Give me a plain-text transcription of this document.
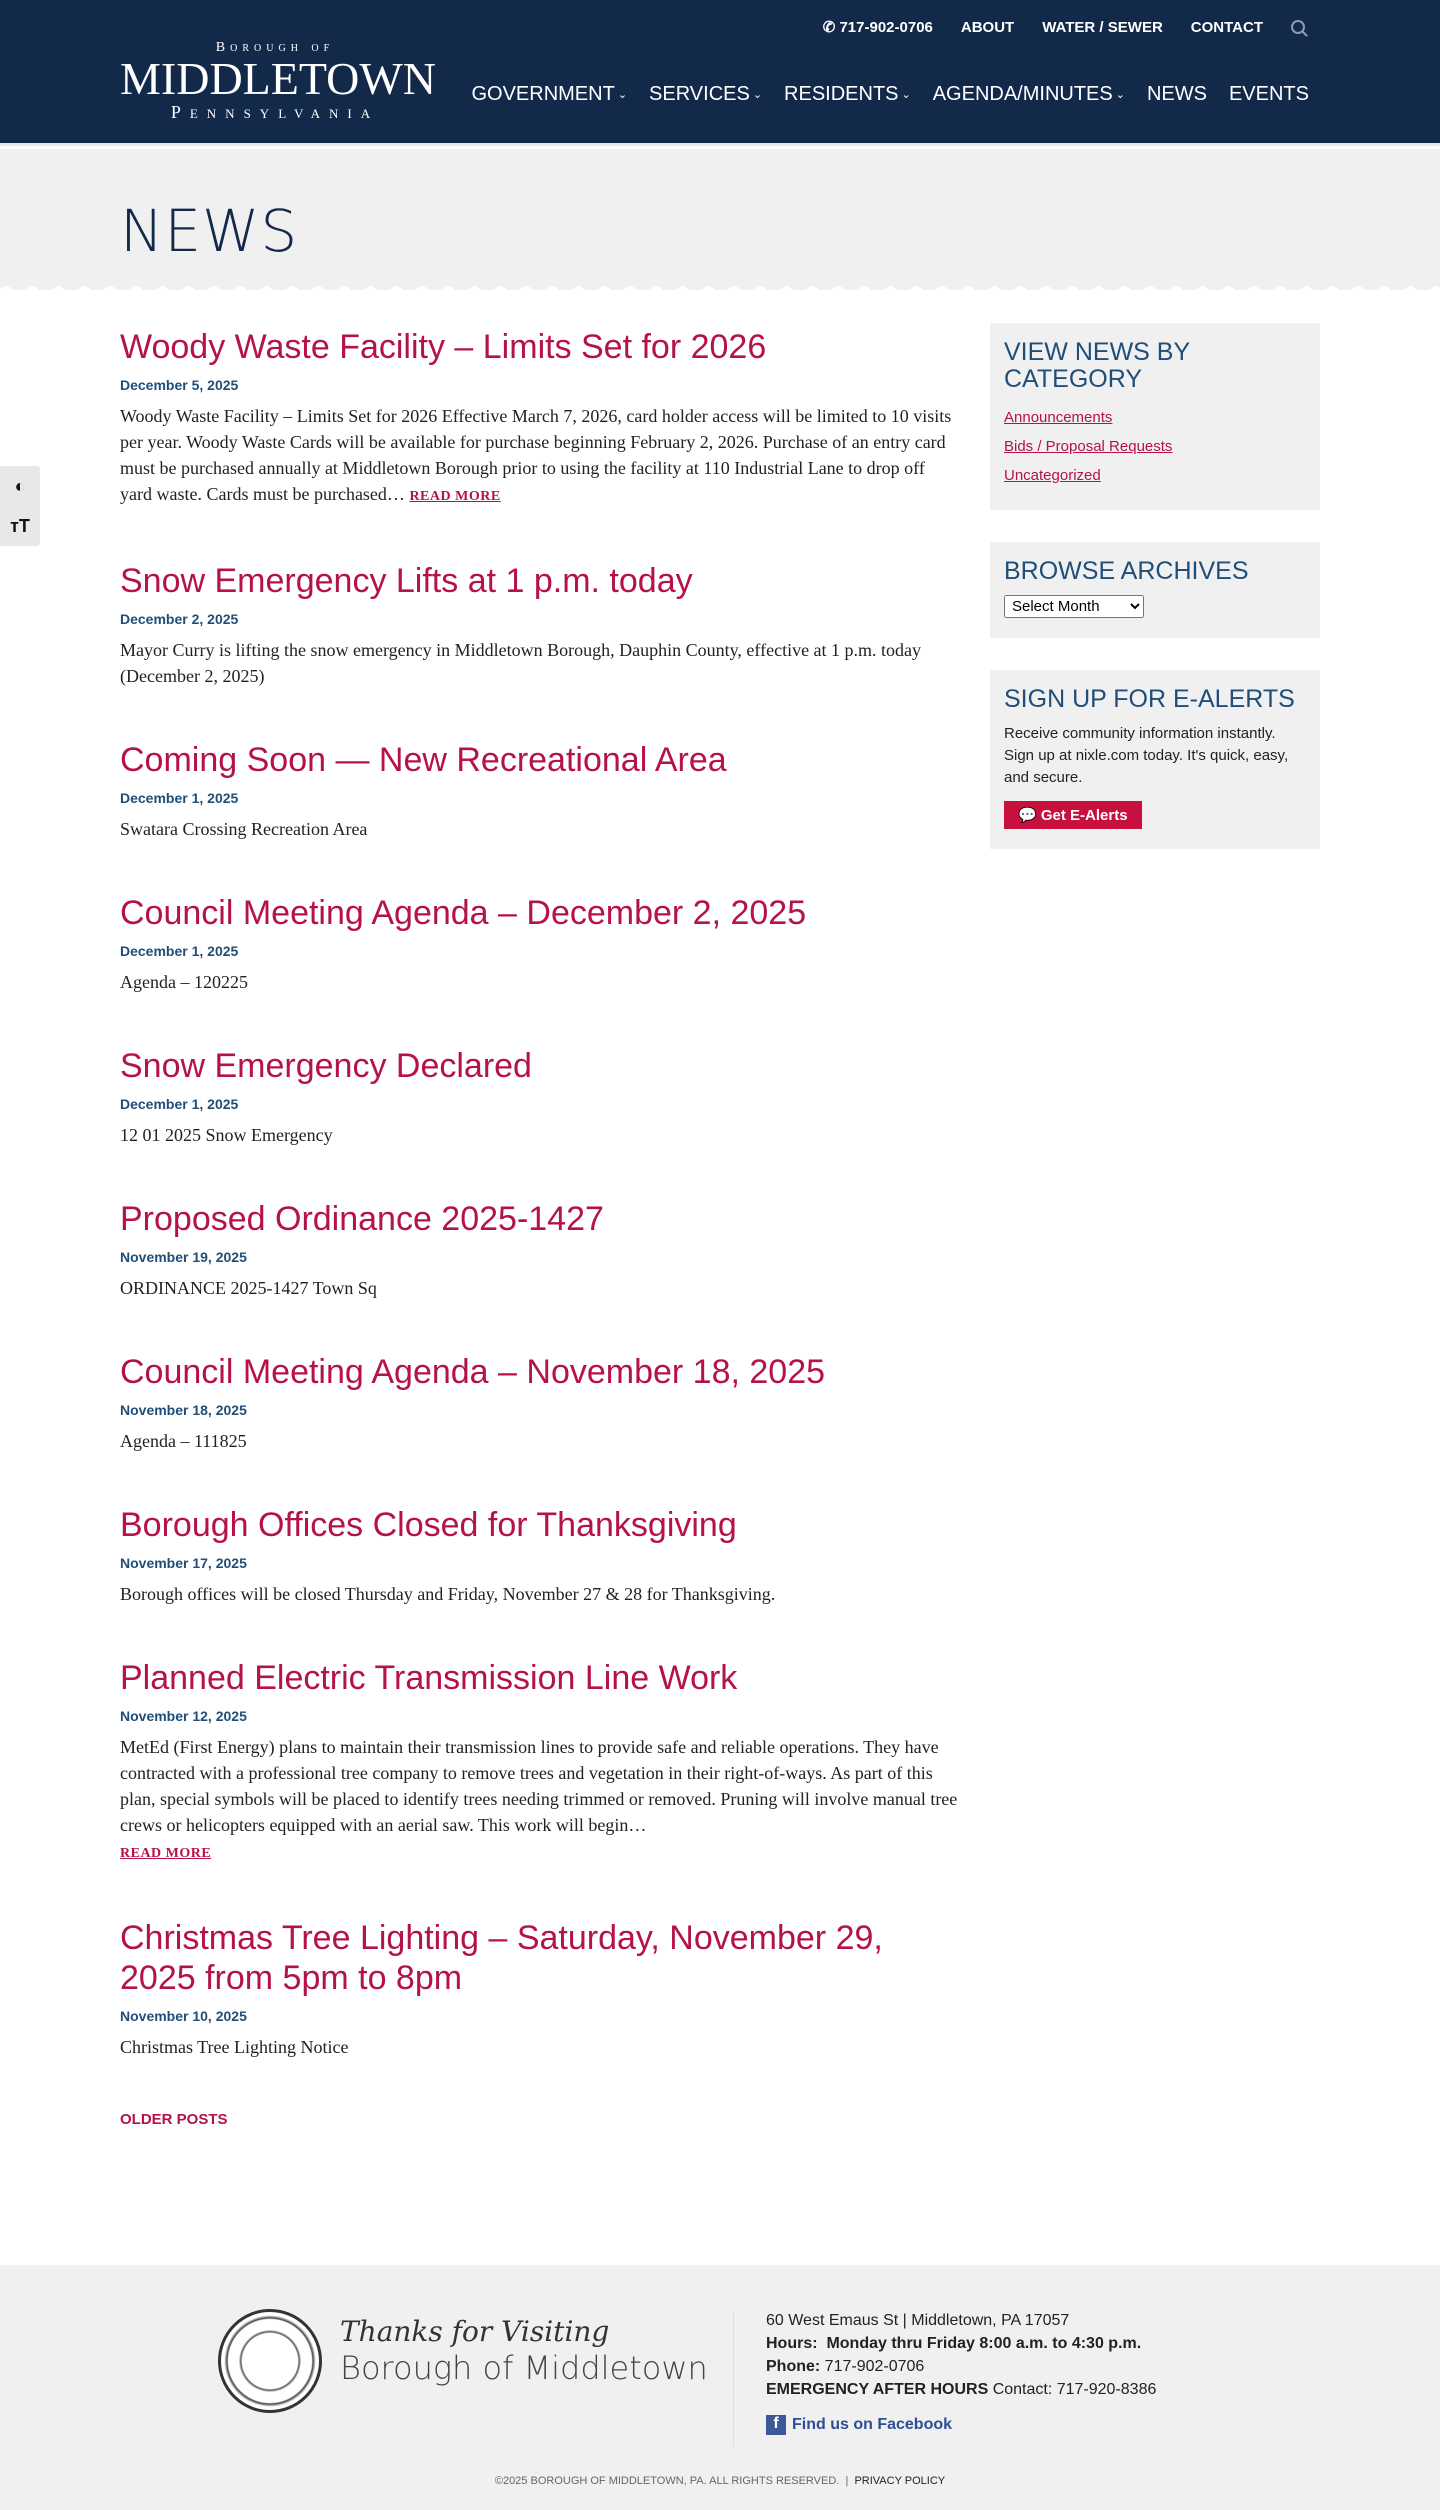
Borough of
MIDDLETOWN
Pennsylvania
✆ 717-902-0706 ABOUT WATER / SEWER CONTACT
GOVERNMENT ⌄ SERVICES ⌄ RESIDENTS ⌄ AGENDA/MINUTES ⌄ NEWS EVENTS
NEWS
◐
ᴛT
Woody Waste Facility – Limits Set for 2026
December 5, 2025

Woody Waste Facility – Limits Set for 2026 Effective March 7, 2026, card holder access will be limited to 10 visits per year. Woody Waste Cards will be available for purchase beginning February 2, 2026. Purchase of an entry card must be purchased annually at Middletown Borough prior to using the facility at 110 Industrial Lane to drop off yard waste. Cards must be purchased… READ MORE

Snow Emergency Lifts at 1 p.m. today
December 2, 2025

Mayor Curry is lifting the snow emergency in Middletown Borough, Dauphin County, effective at 1 p.m. today (December 2, 2025)

Coming Soon — New Recreational Area
December 1, 2025

Swatara Crossing Recreation Area

Council Meeting Agenda – December 2, 2025
December 1, 2025

Agenda – 120225

Snow Emergency Declared
December 1, 2025

12 01 2025 Snow Emergency

Proposed Ordinance 2025-1427
November 19, 2025

ORDINANCE 2025-1427 Town Sq

Council Meeting Agenda – November 18, 2025
November 18, 2025

Agenda – 111825

Borough Offices Closed for Thanksgiving
November 17, 2025

Borough offices will be closed Thursday and Friday, November 27 & 28 for Thanksgiving.

Planned Electric Transmission Line Work
November 12, 2025

MetEd (First Energy) plans to maintain their transmission lines to provide safe and reliable operations. They have contracted with a professional tree company to remove trees and vegetation in their right-of-ways. As part of this plan, special symbols will be placed to identify trees needing trimmed or removed. Pruning will involve manual tree crews or helicopters equipped with an aerial saw. This work will begin…
READ MORE

Christmas Tree Lighting – Saturday, November 29, 2025 from 5pm to 8pm
November 10, 2025

Christmas Tree Lighting Notice

OLDER POSTS
VIEW NEWS BY CATEGORY
Announcements
Bids / Proposal Requests
Uncategorized
BROWSE ARCHIVES
Select Month
SIGN UP FOR E-ALERTS

Receive community information instantly. Sign up at nixle.com today. It's quick, easy, and secure.

💬 Get E-Alerts
Thanks for Visiting
Borough of Middletown
60 West Emaus St | Middletown, PA 17057
Hours: Monday thru Friday 8:00 a.m. to 4:30 p.m.
Phone: 717-902-0706
EMERGENCY AFTER HOURS Contact: 717-920-8386
f Find us on Facebook
©2025 BOROUGH OF MIDDLETOWN, PA. ALL RIGHTS RESERVED.  |  PRIVACY POLICY
